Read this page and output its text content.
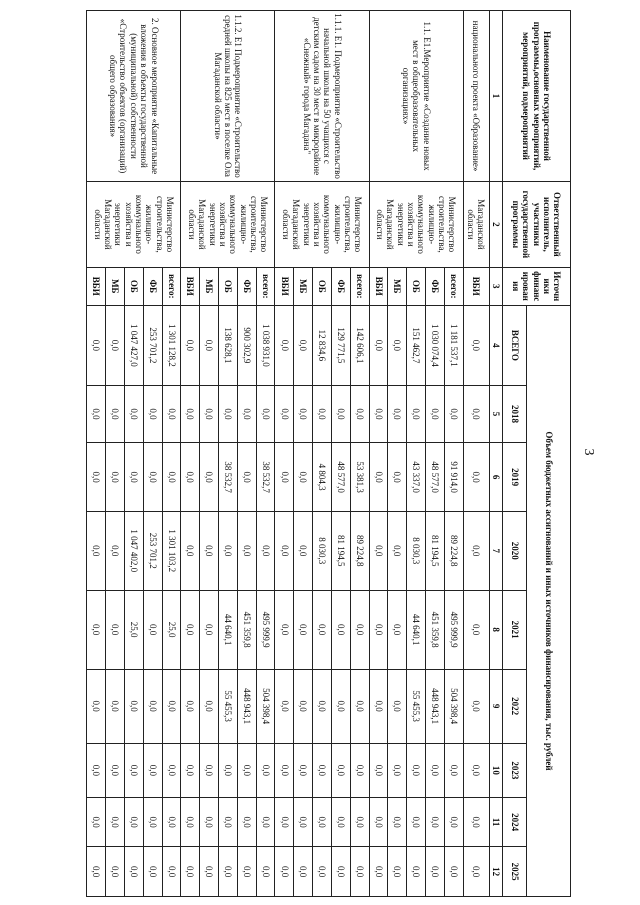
3
Наименование государственной программы,основных мероприятий, мероприятий, подмероприятий	Ответственный исполнитель, участники государственной программы	Источники финансирования	Объем бюджетных ассигнований и иных источников финансирования, тыс. рублей								
			ВСЕГО	2018	2019	2020	2021	2022	2023	2024	2025
1	2	3	4	5	6	7	8	9	10	11	12
национального проекта «Образование»	Магаданской области	ВБИ	0,0	0,0	0,0	0,0	0,0	0,0	0,0	0,0	0,0
1.1. Е1.Мероприятие «Создание новых мест в общеобразовательных организациях»	Министерство строительства, жилищно-коммунального хозяйства и энергетики Магаданской области	всего:	1 181 537,1	0,0	91 914,0	89 224,8	495 999,9	504 398,4	0,0	0,0	0,0
		ФБ	1 030 074,4	0,0	48 577,0	81 194,5	451 359,8	448 943,1	0,0	0,0	0,0
		ОБ	151 462,7	0,0	43 337,0	8 030,3	44 640,1	55 455,3	0,0	0,0	0,0
		МБ	0,0	0,0	0,0	0,0	0,0	0,0	0,0	0,0	0,0
		ВБИ	0,0	0,0	0,0	0,0	0,0	0,0	0,0	0,0	0,0
1.1.1. Е1. Подмероприятие «Строительство начальной школы на 50 учащихся с детским садом на 30 мест в микрорайоне «Снежный» города Магадана"	Министерство строительства, жилищно-коммунального хозяйства и энергетики Магаданской области	всего:	142 606,1	0,0	53 381,3	89 224,8	0,0	0,0	0,0	0,0	0,0
		ФБ	129 771,5	0,0	48 577,0	81 194,5	0,0	0,0	0,0	0,0	0,0
		ОБ	12 834,6	0,0	4 804,3	8 030,3	0,0	0,0	0,0	0,0	0,0
		МБ	0,0	0,0	0,0	0,0	0,0	0,0	0,0	0,0	0,0
		ВБИ	0,0	0,0	0,0	0,0	0,0	0,0	0,0	0,0	0,0
1.1.2. Е1 Подмероприятие «Строительство средней школы на 825 мест в поселке Ола Магаданской области»	Министерство строительства, жилищно-коммунального хозяйства и энергетики Магаданской области	всего:	1 038 931,0	0,0	38 532,7	0,0	495 999,9	504 398,4	0,0	0,0	0,0
		ФБ	900 302,9	0,0	0,0	0,0	451 359,8	448 943,1	0,0	0,0	0,0
		ОБ	138 628,1	0,0	38 532,7	0,0	44 640,1	55 455,3	0,0	0,0	0,0
		МБ	0,0	0,0	0,0	0,0	0,0	0,0	0,0	0,0	0,0
		ВБИ	0,0	0,0	0,0	0,0	0,0	0,0	0,0	0,0	0,0
2. Основное мероприятие «Капитальные вложения в объекты государственной (муниципальной) собственности «Строительство объектов (организаций) общего образования»	Министерство строительства, жилищно-коммунального хозяйства и энергетики Магаданской области	всего:	1 301 128,2	0,0	0,0	1 301 103,2	25,0	0,0	0,0	0,0	0,0
		ФБ	253 701,2	0,0	0,0	253 701,2	0,0	0,0	0,0	0,0	0,0
		ОБ	1 047 427,0	0,0	0,0	1 047 402,0	25,0	0,0	0,0	0,0	0,0
		МБ	0,0	0,0	0,0	0,0	0,0	0,0	0,0	0,0	0,0
		ВБИ	0,0	0,0	0,0	0,0	0,0	0,0	0,0	0,0	0,0
